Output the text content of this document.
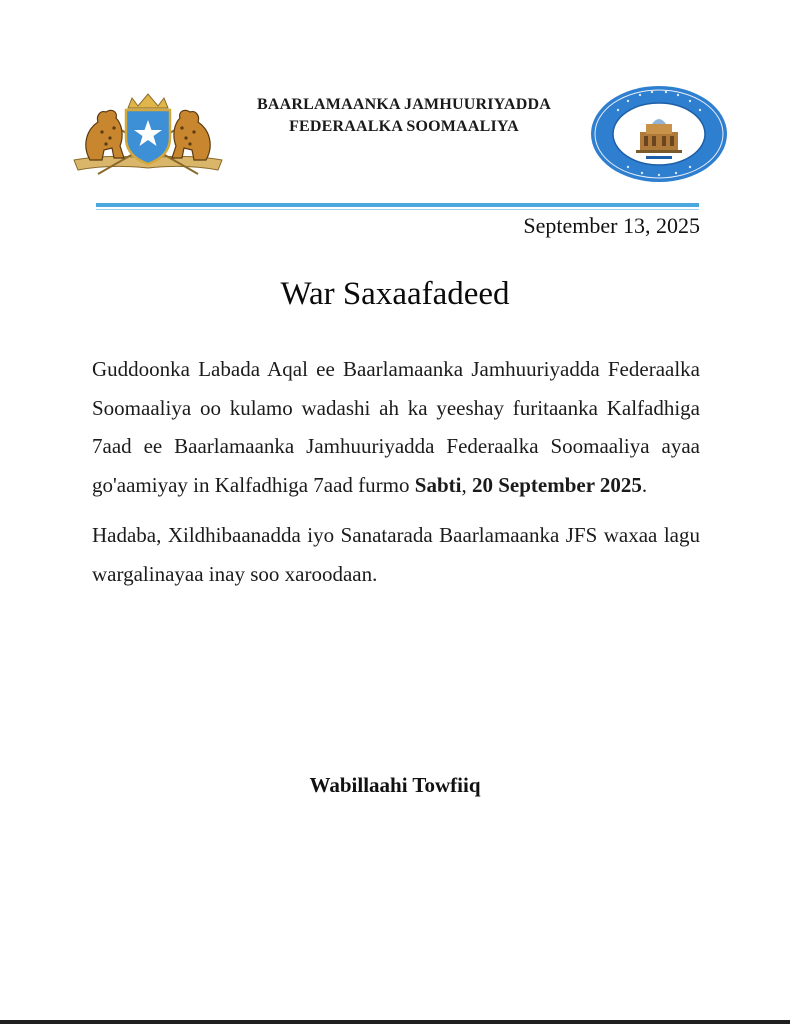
BAARLAMAANKA JAMHUURIYADDA
FEDERAALKA SOOMAALIYA
September 13, 2025
War Saxaafadeed

Guddoonka Labada Aqal ee Baarlamaanka Jamhuuriyadda Federaalka Soomaaliya oo kulamo wadashi ah ka yeeshay furitaanka Kalfadhiga 7aad ee Baarlamaanka Jamhuuriyadda Federaalka Soomaaliya ayaa go'aamiyay in Kalfadhiga 7aad furmo Sabti, 20 September 2025.

Hadaba, Xildhibaanadda iyo Sanatarada Baarlamaanka JFS waxaa lagu wargalinayaa inay soo xaroodaan.

Wabillaahi Towfiiq
